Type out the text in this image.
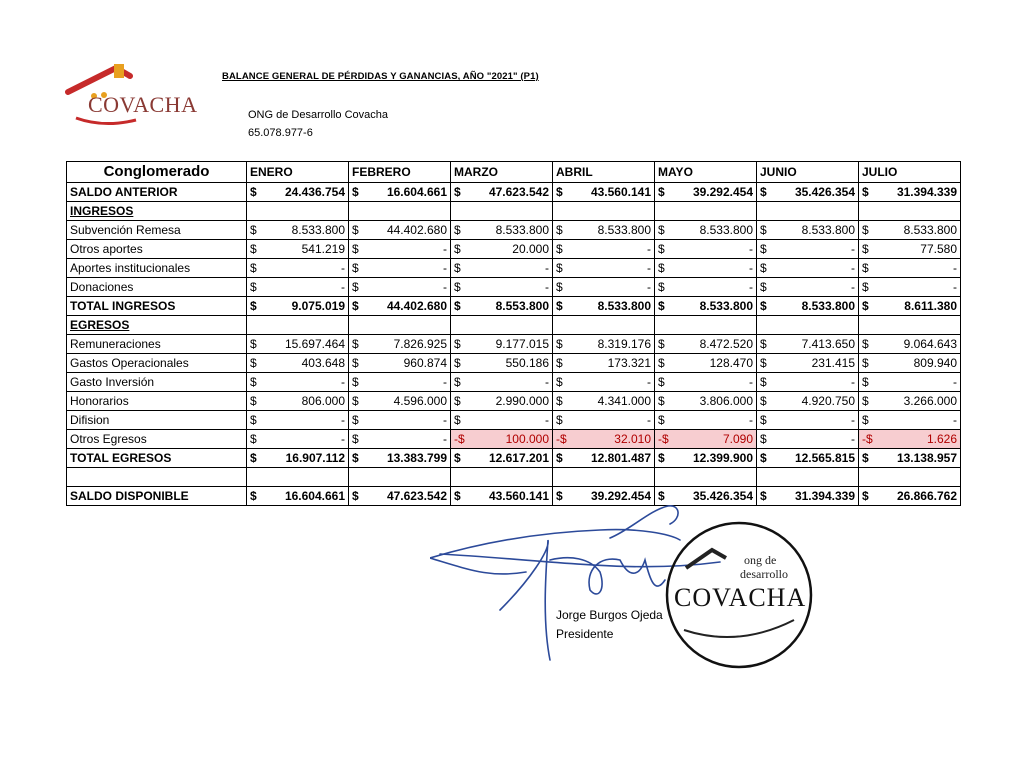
COVACHA
BALANCE GENERAL DE PÉRDIDAS Y GANANCIAS, AÑO "2021" (P1)
ONG de Desarrollo Covacha
65.078.977-6
Conglomerado	ENERO	FEBRERO	MARZO	ABRIL	MAYO	JUNIO	JULIO
SALDO ANTERIOR	$ 24.436.754	$ 16.604.661	$ 47.623.542	$ 43.560.141	$ 39.292.454	$ 35.426.354	$ 31.394.339

INGRESOS							
Subvención Remesa	$ 8.533.800	$ 44.402.680	$ 8.533.800	$ 8.533.800	$ 8.533.800	$ 8.533.800	$ 8.533.800

Otros aportes	$ 541.219	$ -	$ 20.000	$ -	$ -	$ -	$ 77.580

Aportes institucionales	$ -	$ -	$ -	$ -	$ -	$ -	$ -

Donaciones	$ -	$ -	$ -	$ -	$ -	$ -	$ -

TOTAL INGRESOS	$ 9.075.019	$ 44.402.680	$ 8.553.800	$ 8.533.800	$ 8.533.800	$ 8.533.800	$ 8.611.380

EGRESOS							
Remuneraciones	$ 15.697.464	$ 7.826.925	$ 9.177.015	$ 8.319.176	$ 8.472.520	$ 7.413.650	$ 9.064.643

Gastos Operacionales	$ 403.648	$ 960.874	$ 550.186	$ 173.321	$ 128.470	$ 231.415	$ 809.940

Gasto Inversión	$ -	$ -	$ -	$ -	$ -	$ -	$ -

Honorarios	$ 806.000	$ 4.596.000	$ 2.990.000	$ 4.341.000	$ 3.806.000	$ 4.920.750	$ 3.266.000

Difision	$ -	$ -	$ -	$ -	$ -	$ -	$ -

Otros Egresos	$ -	$ -	-$ 100.000	-$ 32.010	-$ 7.090	$ -	-$ 1.626

TOTAL EGRESOS	$ 16.907.112	$ 13.383.799	$ 12.617.201	$ 12.801.487	$ 12.399.900	$ 12.565.815	$ 13.138.957

SALDO DISPONIBLE	$ 16.604.661	$ 47.623.542	$ 43.560.141	$ 39.292.454	$ 35.426.354	$ 31.394.339	$ 26.866.762
Jorge Burgos Ojeda
Presidente
ong de
desarrollo
COVACHA
